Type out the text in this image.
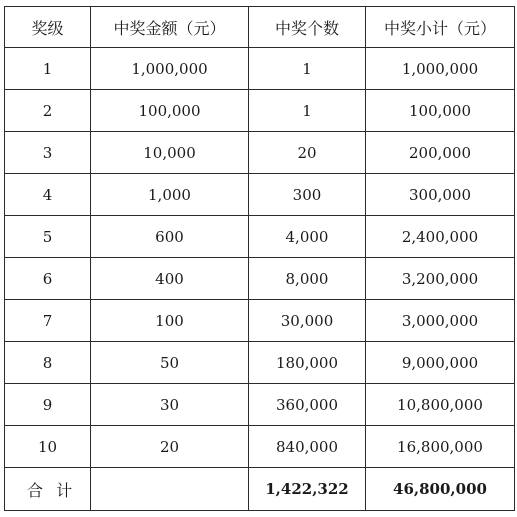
奖级	中奖金额（元）	中奖个数	中奖小计（元）
1	1,000,000	1	1,000,000
2	100,000	1	100,000
3	10,000	20	200,000
4	1,000	300	300,000
5	600	4,000	2,400,000
6	400	8,000	3,200,000
7	100	30,000	3,000,000
8	50	180,000	9,000,000
9	30	360,000	10,800,000
10	20	840,000	16,800,000
合 计		1,422,322	46,800,000
